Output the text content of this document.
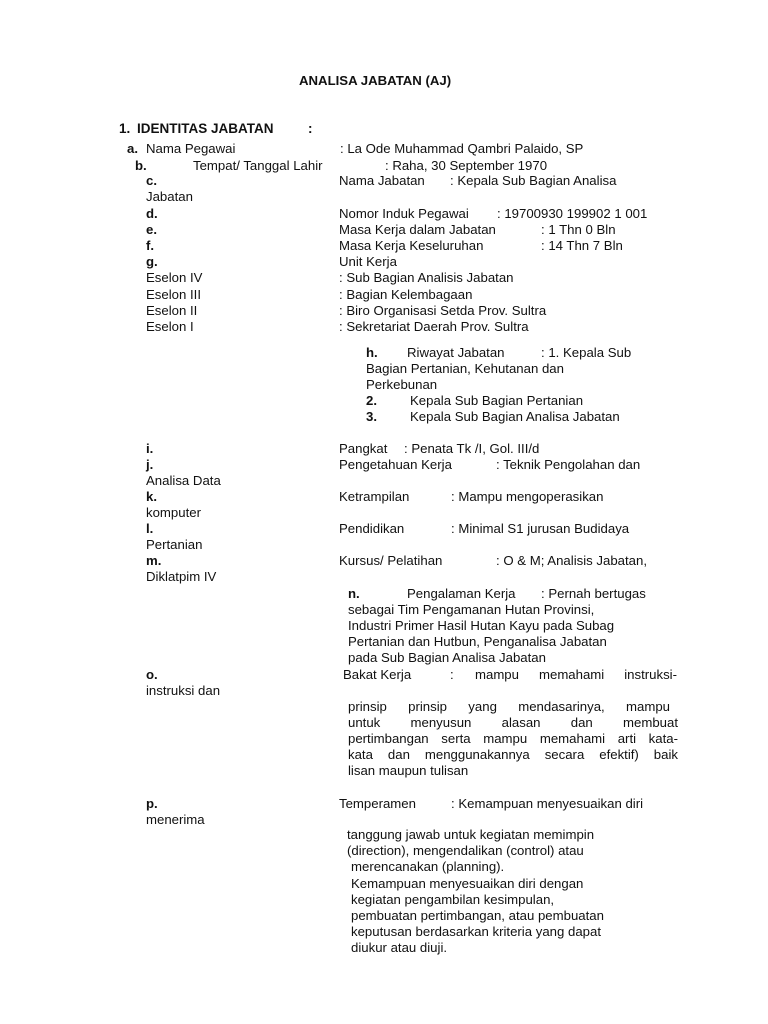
ANALISA JABATAN (AJ)
1. IDENTITAS JABATAN	:
a. Nama Pegawai	: La Ode Muhammad Qambri Palaido, SP
b.	Tempat/ Tanggal Lahir	: Raha, 30 September 1970
c.	Nama Jabatan : Kepala Sub Bagian Analisa
Jabatan
d.	Nomor Induk Pegawai : 19700930 199902 1 001
e.	Masa Kerja dalam Jabatan	: 1 Thn 0 Bln
f.	Masa Kerja Keseluruhan	: 14 Thn 7 Bln
g.	Unit Kerja
Eselon IV	: Sub Bagian Analisis Jabatan
Eselon III	: Bagian Kelembagaan
Eselon II	: Biro Organisasi Setda Prov. Sultra
Eselon I	: Sekretariat Daerah Prov. Sultra
h. Riwayat Jabatan	: 1. Kepala Sub
Bagian Pertanian, Kehutanan dan
Perkebunan
2.	Kepala Sub Bagian Pertanian
3.	Kepala Sub Bagian Analisa Jabatan
i.	Pangkat : Penata Tk /I, Gol. III/d
j.	Pengetahuan Kerja	: Teknik Pengolahan dan
Analisa Data
k.	Ketrampilan	: Mampu mengoperasikan
komputer
l.	Pendidikan	: Minimal S1 jurusan Budidaya
Pertanian
m.	Kursus/ Pelatihan	: O & M; Analisis Jabatan,
Diklatpim IV
n.	Pengalaman Kerja : Pernah bertugas
sebagai Tim Pengamanan Hutan Provinsi,
Industri Primer Hasil Hutan Kayu pada Subag
Pertanian dan Hutbun, Penganalisa Jabatan
pada Sub Bagian Analisa Jabatan
o.	Bakat Kerja	: mampu memahami instruksi-
instruksi dan
prinsip prinsip yang mendasarinya, mampu
untuk menyusun alasan dan membuat
pertimbangan serta mampu memahami arti kata-
kata dan menggunakannya secara efektif) baik
lisan maupun tulisan
p.	Temperamen	: Kemampuan menyesuaikan diri
menerima
tanggung jawab untuk kegiatan memimpin
(direction), mengendalikan (control) atau
merencanakan (planning).
Kemampuan menyesuaikan diri dengan
kegiatan pengambilan kesimpulan,
pembuatan pertimbangan, atau pembuatan
keputusan berdasarkan kriteria yang dapat
diukur atau diuji.
